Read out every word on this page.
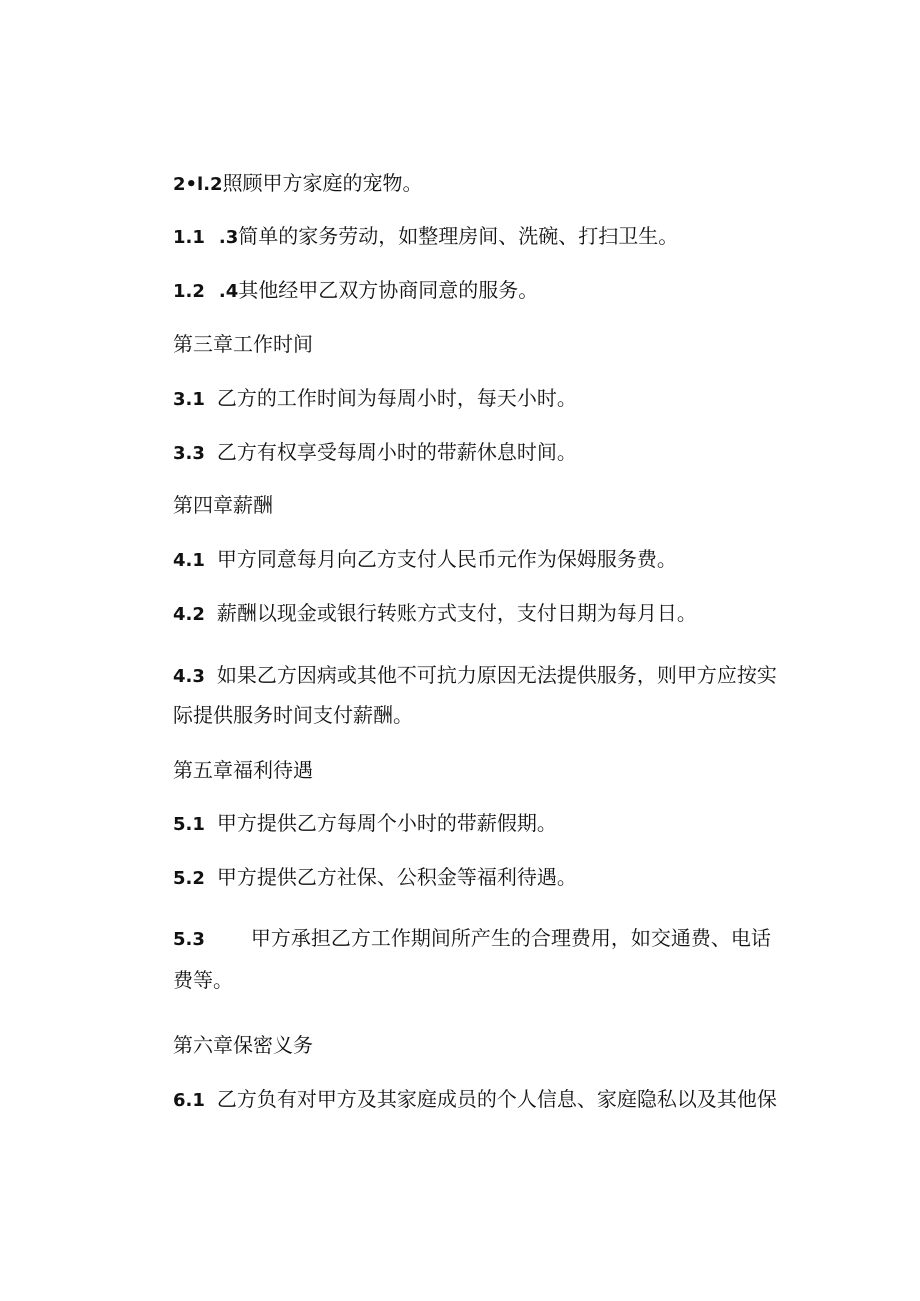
2•l.2照顾甲方家庭的宠物。
1.1 .3简单的家务劳动，如整理房间、洗碗、打扫卫生。
1.2 .4其他经甲乙双方协商同意的服务。
第三章工作时间
3.1 乙方的工作时间为每周小时，每天小时。
3.3 乙方有权享受每周小时的带薪休息时间。
第四章薪酬
4.1 甲方同意每月向乙方支付人民币元作为保姆服务费。
4.2 薪酬以现金或银行转账方式支付，支付日期为每月日。
4.3 如果乙方因病或其他不可抗力原因无法提供服务，则甲方应按实际提供服务时间支付薪酬。
第五章福利待遇
5.1 甲方提供乙方每周个小时的带薪假期。
5.2 甲方提供乙方社保、公积金等福利待遇。
5.3 甲方承担乙方工作期间所产生的合理费用，如交通费、电话费等。
第六章保密义务
6.1 乙方负有对甲方及其家庭成员的个人信息、家庭隐私以及其他保
